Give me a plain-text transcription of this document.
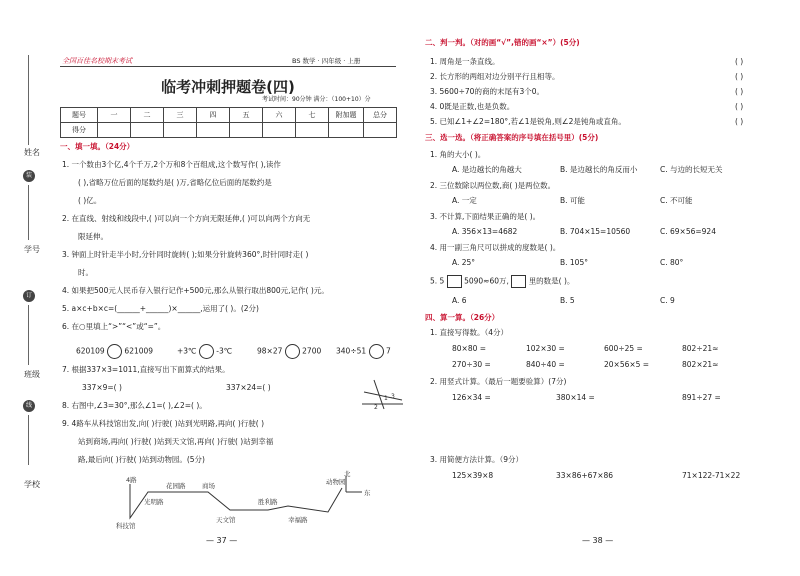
姓名
装
学号
订
班级
线
学校
全国百佳名校期末考试	BS 数学 · 四年级 · 上册
临考冲刺押题卷(四)
考试时间：90分钟 满分：（100+10）分
题号	一	二	三	四	五	六	七	附加题	总分
得分									
一、填一填。（24分）
1. 一个数由3个亿,4个千万,2个万和8个百组成,这个数写作( ),读作
( ),省略万位后面的尾数约是( )万,省略亿位后面的尾数约是
( )亿。
2. 在直线、射线和线段中,( )可以向一个方向无限延伸,( )可以向两个方向无
限延伸。
3. 钟面上时针走半小时,分针同时旋转( );如果分针旋转360°,时针同时走( )
时。
4. 如果把500元人民币存入银行记作+500元,那么从银行取出800元,记作( )元。
5. a×c+b×c=(______+______)×______,运用了( )。(2分)
6. 在○里填上“>”“<”或“=”。
620109	621009	+3℃	-3℃	98×27	2700 340÷51	7
7. 根据337×3=1011,直接写出下面算式的结果。
337×9=( )	337×24=( )
8. 右图中,∠3=30°,那么∠1=( ),∠2=( )。
1
2
3
9. 4路车从科技馆出发,向( )行驶( )站到光明路,再向( )行驶( )
站到商场,再向( )行驶( )站到天文馆,再向( )行驶( )站到幸福
路,最后向( )行驶( )站到动物园。(5分)
4路
科技馆
光明路
花园路	商场
天文馆
胜利路
幸福路
动物园
北
东
— 37 —
二、判一判。（对的画“√”,错的画“×”）(5分)
1. 周角是一条直线。
2. 长方形的两组对边分别平行且相等。
3. 5600÷70的商的末尾有3个0。
4. 0既是正数,也是负数。
5. 已知∠1+∠2=180°,若∠1是锐角,则∠2是钝角或直角。
( )
( )
( )
( )
( )
三、选一选。（将正确答案的序号填在括号里）(5分)
1. 角的大小( )。
A. 是边越长的角越大	B. 是边越长的角反而小	C. 与边的长短无关
2. 三位数除以两位数,商( )是两位数。
A. 一定	B. 可能	C. 不可能
3. 不计算,下面结果正确的是( )。
A. 356×13=4682	B. 704×15=10560	C. 69×56=924
4. 用一副三角尺可以拼成的度数是( )。
A. 25°	B. 105°	C. 80°
5. 5	5090≈60万,	里的数是( )。
A. 6	B. 5	C. 9
四、算一算。（26分）
1. 直接写得数。（4分）
80×80 =	102×30 =	600÷25 =	802÷21≈
270÷30 =	840÷40 =	20×56×5 =	802×21≈
2. 用竖式计算。（最后一题要验算）(7分)
126×34 =	380×14 =	891÷27 =
3. 用简便方法计算。（9分）
125×39×8	33×86+67×86	71×122-71×22
— 38 —
